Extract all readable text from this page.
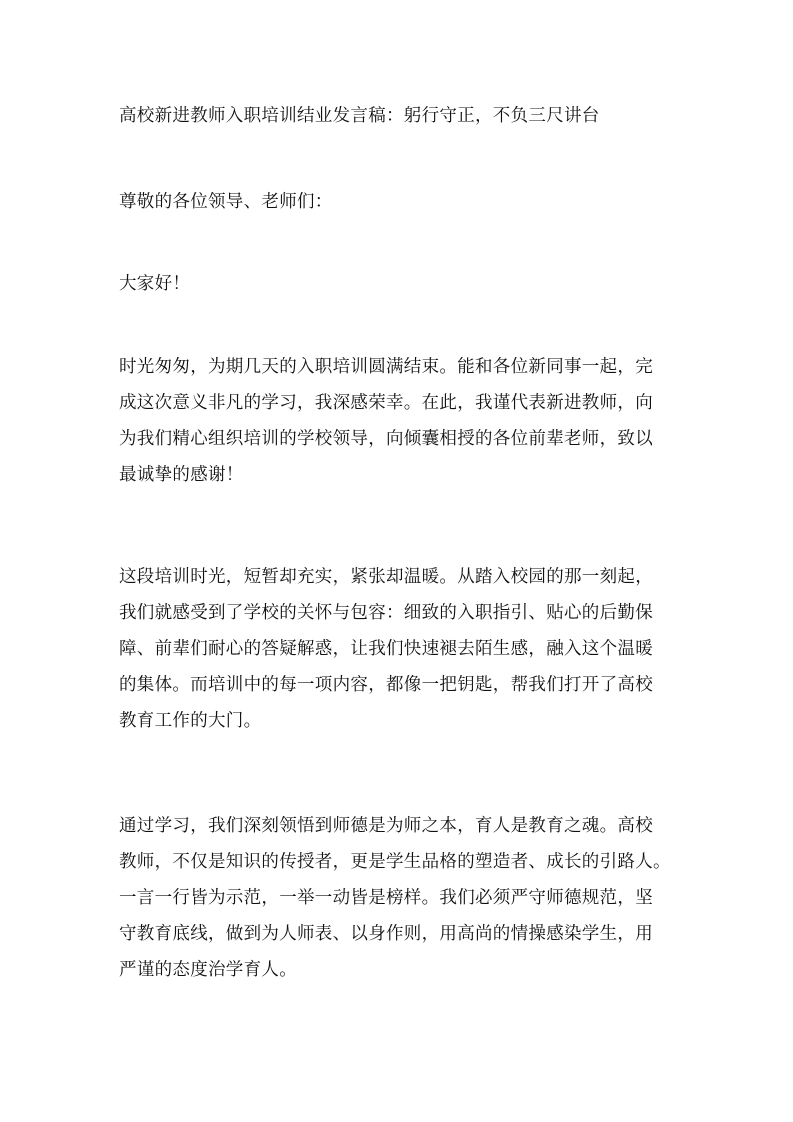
高校新进教师入职培训结业发言稿：躬行守正，不负三尺讲台

尊敬的各位领导、老师们：

大家好！

时光匆匆，为期几天的入职培训圆满结束。能和各位新同事一起，完
成这次意义非凡的学习，我深感荣幸。在此，我谨代表新进教师，向
为我们精心组织培训的学校领导，向倾囊相授的各位前辈老师，致以
最诚挚的感谢！

这段培训时光，短暂却充实，紧张却温暖。从踏入校园的那一刻起，
我们就感受到了学校的关怀与包容：细致的入职指引、贴心的后勤保
障、前辈们耐心的答疑解惑，让我们快速褪去陌生感，融入这个温暖
的集体。而培训中的每一项内容，都像一把钥匙，帮我们打开了高校
教育工作的大门。

通过学习，我们深刻领悟到师德是为师之本，育人是教育之魂。高校
教师，不仅是知识的传授者，更是学生品格的塑造者、成长的引路人。
一言一行皆为示范，一举一动皆是榜样。我们必须严守师德规范，坚
守教育底线，做到为人师表、以身作则，用高尚的情操感染学生，用
严谨的态度治学育人。
